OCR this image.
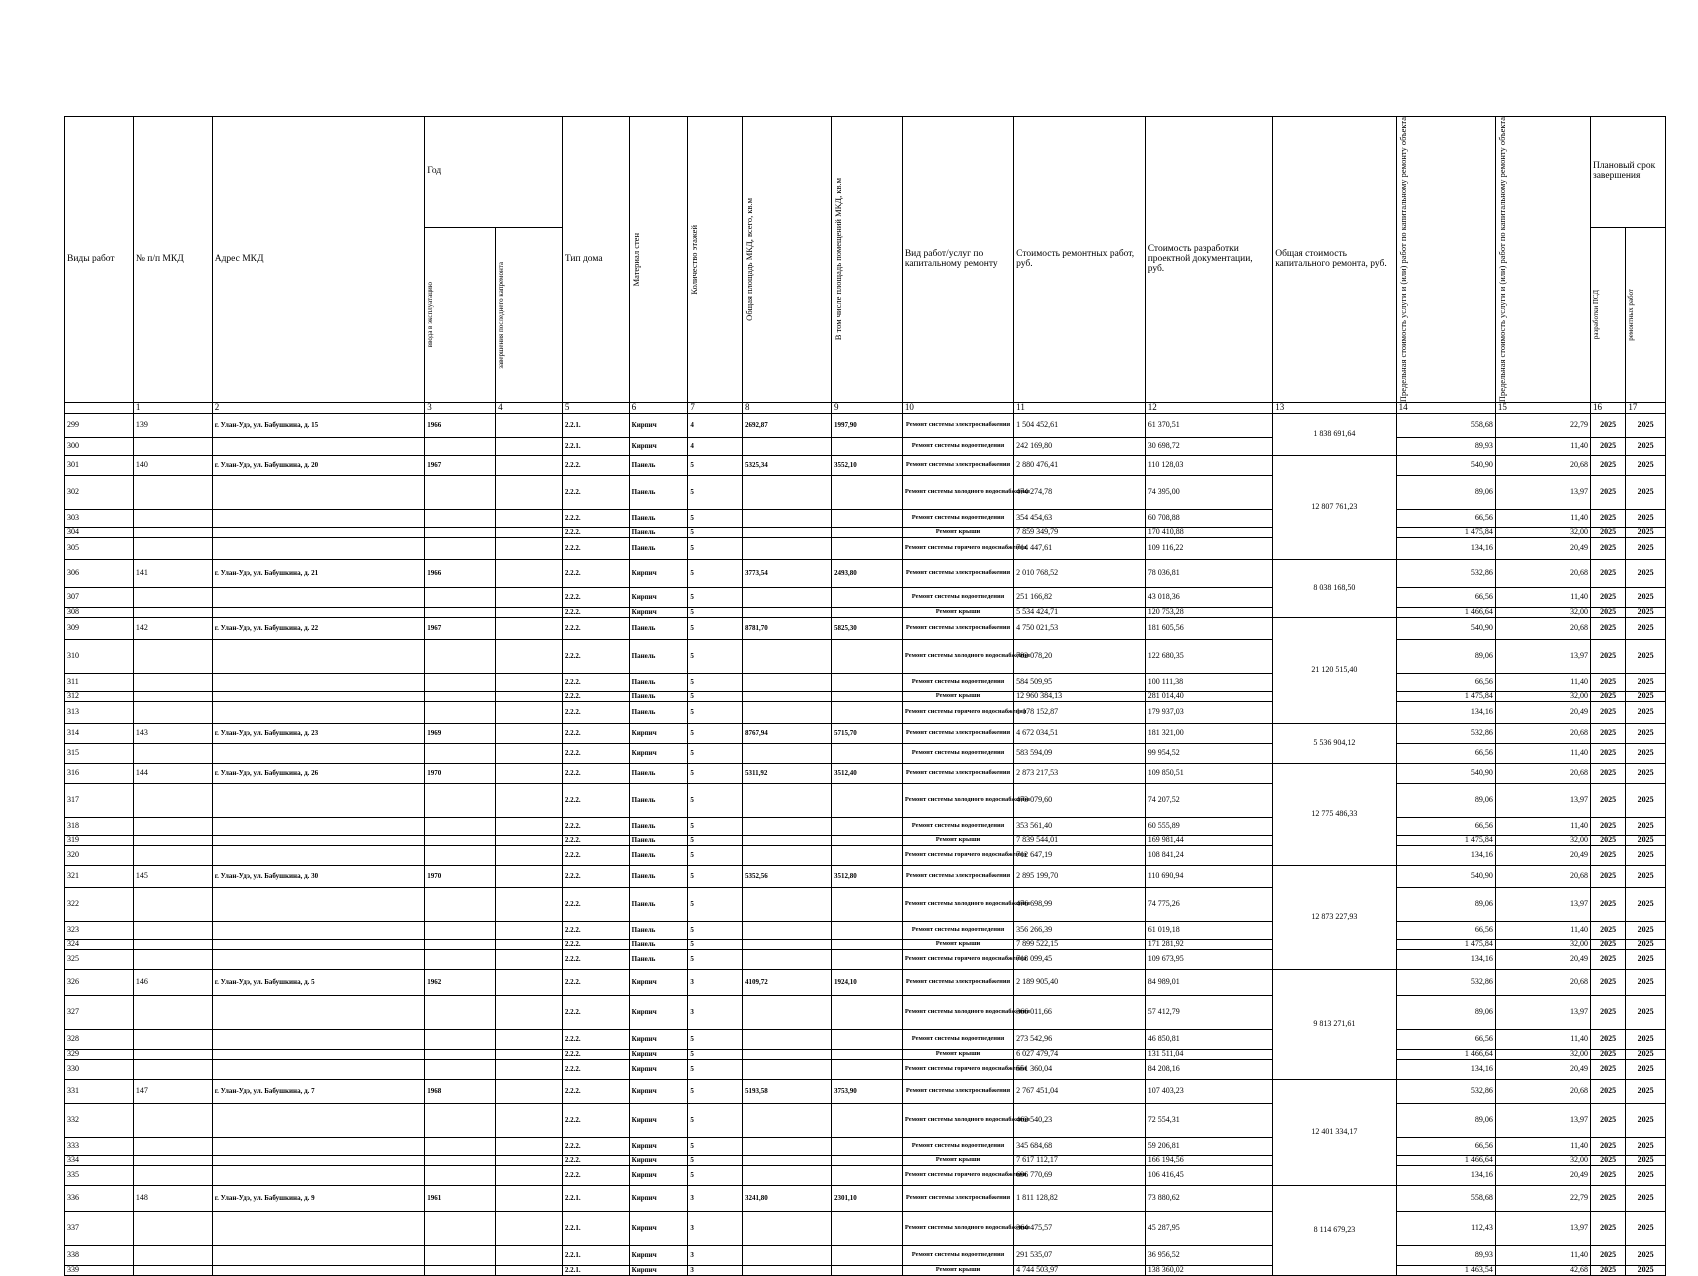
Виды работ	№ п/п МКД	Адрес МКД	Год		Тип дома	Материал стен	Количество этажей	Общая площадь МКД, всего, кв.м	В том числе площадь помещений МКД, кв.м	Вид работ/услуг по капитальному ремонту	Стоимость ремонтных работ, руб.	Стоимость разработки проектной документации, руб.	Общая стоимость капитального ремонта, руб.	Предельная стоимость услуги и (или) работ по капитальному ремонту объекта	Предельная стоимость услуги и (или) работ по капитальному ремонту объекта	Плановый срок завершения	

			ввода в эксплуатацию	завершения последнего капремонта												разработки ПСД	ремонтных работ

	1	2	3	4	5	6	7	8	9	10	11	12	13	14	15	16	17
299	139	г. Улан-Удэ, ул. Бабушкина, д. 15	1966		2.2.1.	Кирпич	4	2692,87	1997,90	Ремонт системы электроснабжения	1 504 452,61	61 370,51	1 838 691,64	558,68	22,79	2025	2025
300					2.2.1.	Кирпич	4			Ремонт системы водоотведения	242 169,80	30 698,72		89,93	11,40	2025	2025
301	140	г. Улан-Удэ, ул. Бабушкина, д. 20	1967		2.2.2.	Панель	5	5325,34	3552,10	Ремонт системы электроснабжения	2 880 476,41	110 128,03	12 807 761,23	540,90	20,68	2025	2025
302					2.2.2.	Панель	5			Ремонт системы холодного водоснабжения	474 274,78	74 395,00		89,06	13,97	2025	2025
303					2.2.2.	Панель	5			Ремонт системы водоотведения	354 454,63	60 708,88		66,56	11,40	2025	2025
304					2.2.2.	Панель	5			Ремонт крыши	7 859 349,79	170 410,88		1 475,84	32,00	2025	2025
305					2.2.2.	Панель	5			Ремонт системы горячего водоснабжения	714 447,61	109 116,22		134,16	20,49	2025	2025
306	141	г. Улан-Удэ, ул. Бабушкина, д. 21	1966		2.2.2.	Кирпич	5	3773,54	2493,80	Ремонт системы электроснабжения	2 010 768,52	78 036,81	8 038 168,50	532,86	20,68	2025	2025
307					2.2.2.	Кирпич	5			Ремонт системы водоотведения	251 166,82	43 018,36		66,56	11,40	2025	2025
308					2.2.2.	Кирпич	5			Ремонт крыши	5 534 424,71	120 753,28		1 466,64	32,00	2025	2025
309	142	г. Улан-Удэ, ул. Бабушкина, д. 22	1967		2.2.2.	Панель	5	8781,70	5825,30	Ремонт системы электроснабжения	4 750 021,53	181 605,56	21 120 515,40	540,90	20,68	2025	2025
310					2.2.2.	Панель	5			Ремонт системы холодного водоснабжения	782 078,20	122 680,35		89,06	13,97	2025	2025
311					2.2.2.	Панель	5			Ремонт системы водоотведения	584 509,95	100 111,38		66,56	11,40	2025	2025
312					2.2.2.	Панель	5			Ремонт крыши	12 960 384,13	281 014,40		1 475,84	32,00	2025	2025
313					2.2.2.	Панель	5			Ремонт системы горячего водоснабжения	1 178 152,87	179 937,03		134,16	20,49	2025	2025
314	143	г. Улан-Удэ, ул. Бабушкина, д. 23	1969		2.2.2.	Кирпич	5	8767,94	5715,70	Ремонт системы электроснабжения	4 672 034,51	181 321,00	5 536 904,12	532,86	20,68	2025	2025
315					2.2.2.	Кирпич	5			Ремонт системы водоотведения	583 594,09	99 954,52		66,56	11,40	2025	2025
316	144	г. Улан-Удэ, ул. Бабушкина, д. 26	1970		2.2.2.	Панель	5	5311,92	3512,40	Ремонт системы электроснабжения	2 873 217,53	109 850,51	12 775 486,33	540,90	20,68	2025	2025
317					2.2.2.	Панель	5			Ремонт системы холодного водоснабжения	473 079,60	74 207,52		89,06	13,97	2025	2025
318					2.2.2.	Панель	5			Ремонт системы водоотведения	353 561,40	60 555,89		66,56	11,40	2025	2025
319					2.2.2.	Панель	5			Ремонт крыши	7 839 544,01	169 981,44		1 475,84	32,00	2025	2025
320					2.2.2.	Панель	5			Ремонт системы горячего водоснабжения	712 647,19	108 841,24		134,16	20,49	2025	2025
321	145	г. Улан-Удэ, ул. Бабушкина, д. 30	1970		2.2.2.	Панель	5	5352,56	3512,80	Ремонт системы электроснабжения	2 895 199,70	110 690,94	12 873 227,93	540,90	20,68	2025	2025
322					2.2.2.	Панель	5			Ремонт системы холодного водоснабжения	476 698,99	74 775,26		89,06	13,97	2025	2025
323					2.2.2.	Панель	5			Ремонт системы водоотведения	356 266,39	61 019,18		66,56	11,40	2025	2025
324					2.2.2.	Панель	5			Ремонт крыши	7 899 522,15	171 281,92		1 475,84	32,00	2025	2025
325					2.2.2.	Панель	5			Ремонт системы горячего водоснабжения	718 099,45	109 673,95		134,16	20,49	2025	2025
326	146	г. Улан-Удэ, ул. Бабушкина, д. 5	1962		2.2.2.	Кирпич	3	4109,72	1924,10	Ремонт системы электроснабжения	2 189 905,40	84 989,01	9 813 271,61	532,86	20,68	2025	2025
327					2.2.2.	Кирпич	3			Ремонт системы холодного водоснабжения	366 011,66	57 412,79		89,06	13,97	2025	2025
328					2.2.2.	Кирпич	5			Ремонт системы водоотведения	273 542,96	46 850,81		66,56	11,40	2025	2025
329					2.2.2.	Кирпич	5			Ремонт крыши	6 027 479,74	131 511,04		1 466,64	32,00	2025	2025
330					2.2.2.	Кирпич	5			Ремонт системы горячего водоснабжения	551 360,04	84 208,16		134,16	20,49	2025	2025
331	147	г. Улан-Удэ, ул. Бабушкина, д. 7	1968		2.2.2.	Кирпич	5	5193,58	3753,90	Ремонт системы электроснабжения	2 767 451,04	107 403,23	12 401 334,17	532,86	20,68	2025	2025
332					2.2.2.	Кирпич	5			Ремонт системы холодного водоснабжения	462 540,23	72 554,31		89,06	13,97	2025	2025
333					2.2.2.	Кирпич	5			Ремонт системы водоотведения	345 684,68	59 206,81		66,56	11,40	2025	2025
334					2.2.2.	Кирпич	5			Ремонт крыши	7 617 112,17	166 194,56		1 466,64	32,00	2025	2025
335					2.2.2.	Кирпич	5			Ремонт системы горячего водоснабжения	696 770,69	106 416,45		134,16	20,49	2025	2025
336	148	г. Улан-Удэ, ул. Бабушкина, д. 9	1961		2.2.1.	Кирпич	3	3241,80	2301,10	Ремонт системы электроснабжения	1 811 128,82	73 880,62	8 114 679,23	558,68	22,79	2025	2025
337					2.2.1.	Кирпич	3			Ремонт системы холодного водоснабжения	364 475,57	45 287,95		112,43	13,97	2025	2025
338					2.2.1.	Кирпич	3			Ремонт системы водоотведения	291 535,07	36 956,52		89,93	11,40	2025	2025
339					2.2.1.	Кирпич	3			Ремонт крыши	4 744 503,97	138 360,02		1 463,54	42,68	2025	2025
